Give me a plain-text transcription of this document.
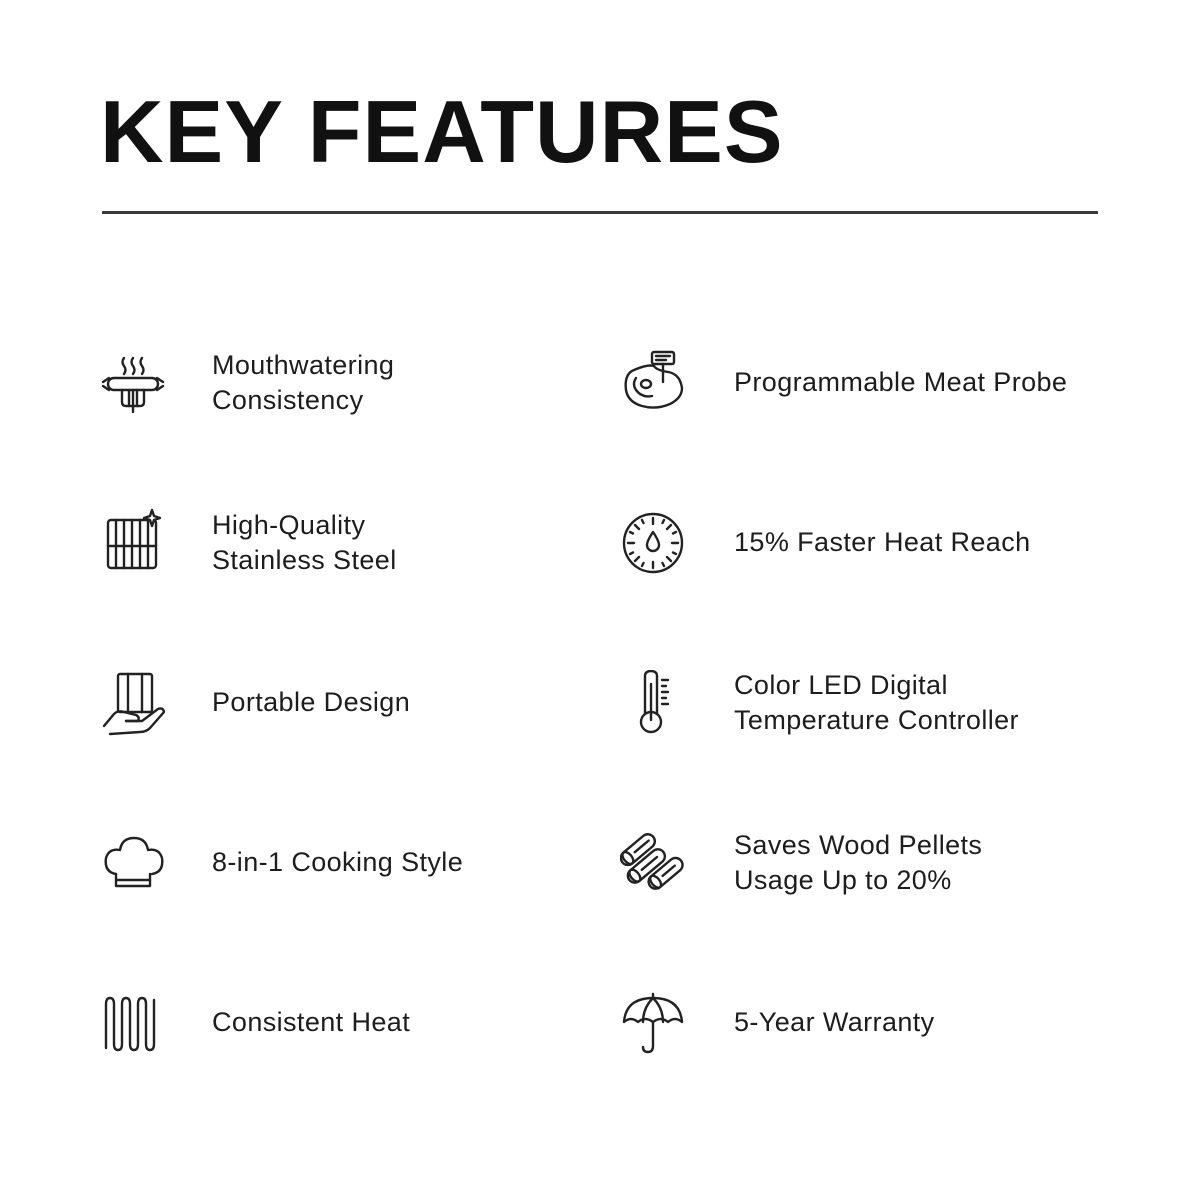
KEY FEATURES
Mouthwatering
Consistency
High-Quality
Stainless Steel
Portable Design
8-in-1 Cooking Style
Consistent Heat
Programmable Meat Probe
15% Faster Heat Reach
Color LED Digital
Temperature Controller
Saves Wood Pellets
Usage Up to 20%
5-Year Warranty
